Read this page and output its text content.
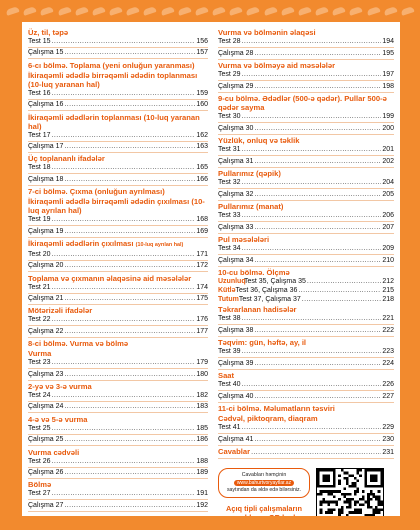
Üz, til, təpə
Test 15 .....	156
Çalışma 15 .....	157
6-cı bölmə. Toplama (yeni onluğun yaranması)
İkiraqəmli ədədlə birrəqəmli ədədin toplanması (10-luq yaranan hal)
Test 16 .....	159
Çalışma 16 .....	160
İkiraqəmli ədədlərin toplanması (10-luq yaranan hal)
Test 17 .....	162
Çalışma 17 .....	163
Üç toplananlı ifadələr
Test 18 .....	165
Çalışma 18 .....	166
7-ci bölmə. Çıxma (onluğun ayrılması)
İkiraqəmli ədədlə birrəqəmli ədədin çıxılması (10-luq ayrılan hal)
Test 19 .....	168
Çalışma 19 .....	169
İkiraqəmli ədədlərin çıxılması (10-luq ayrılan hal)
Test 20 .....	171
Çalışma 20 .....	172
Toplama və çıxmanın əlaqəsinə aid məsələlər
Test 21 .....	174
Çalışma 21 .....	175
Mötərizəli ifadələr
Test 22 .....	176
Çalışma 22 .....	177
8-ci bölmə. Vurma və bölmə
Vurma
Test 23 .....	179
Çalışma 23 .....	180
2-yə və 3-ə vurma
Test 24 .....	182
Çalışma 24 .....	183
4-ə və 5-ə vurma
Test 25 .....	185
Çalışma 25 .....	186
Vurma cədvəli
Test 26 .....	188
Çalışma 26 .....	189
Bölmə
Test 27 .....	191
Çalışma 27 .....	192
Vurma və bölmənin əlaqəsi
Test 28 .....	194
Çalışma 28 .....	195
Vurma və bölməyə aid məsələlər
Test 29 .....	197
Çalışma 29 .....	198
9-cu bölmə. Ədədlər (500-ə qədər). Pullar 500-ə qədər sayma
Test 30 .....	199
Çalışma 30 .....	200
Yüzlük, onluq və təklik
Test 31 .....	201
Çalışma 31 .....	202
Pullarımız (qəpik)
Test 32 .....	204
Çalışma 32 .....	205
Pullarımız (manat)
Test 33 .....	206
Çalışma 33 .....	207
Pul məsələləri
Test 34 .....	209
Çalışma 34 .....	210
10-cu bölmə. Ölçmə
Uzunluq
Test 35, Çalışma 35 .....	212
Kütlə Test 36, Çalışma 36 .....	215
Tutum Test 37, Çalışma 37 .....	218
Təkrarlanan hadisələr
Test 38 .....	221
Çalışma 38 .....	222
Təqvim: gün, həftə, ay, il
Test 39 .....	223
Çalışma 39 .....	224
Saat
Test 40 .....	226
Çalışma 40 .....	227
11-ci bölmə. Məlumatların təsviri
Cədvəl, piktoqram, diaqram
Test 41 .....	229
Çalışma 41 .....	230
Cavablar .....	231
Cavabları həmçinin
www.bahurtvoryaytlar.az
saytından da əldə edə bilərsiniz.
Açıq tipli çalışmaların
